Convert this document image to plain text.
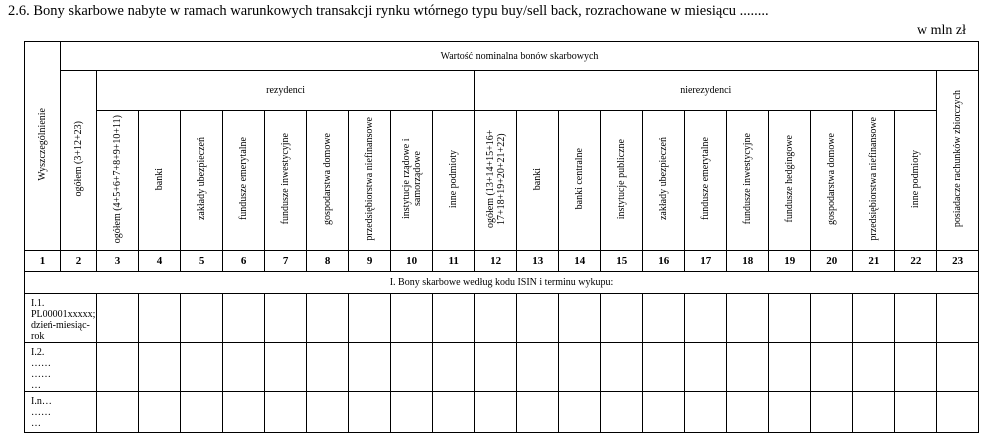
2.6. Bony skarbowe nabyte w ramach warunkowych transakcji rynku wtórnego typu buy/sell back, rozrachowane w miesiącu ........
w mln zł
Wyszczególnienie	Wartość nominalna bonów skarbowych																					
	ogółem (3+12+23)	rezydenci									nierezydenci											posiadacze rachunków zbiorczych
		ogółem (4+5+6+7+8+9+10+11)	banki	zakłady ubezpieczeń	fundusze emerytalne	fundusze inwestycyjne	gospodarstwa domowe	przedsiębiorstwa niefinansowe	instytucje rządowe i samorządowe	inne podmioty	ogółem (13+14+15+16+ 17+18+19+20+21+22)	banki	banki centralne	instytucje publiczne	zakłady ubezpieczeń	fundusze emerytalne	fundusze inwestycyjne	fundusze hedgingowe	gospodarstwa domowe	przedsiębiorstwa niefinansowe	inne podmioty	
1	2	3	4	5	6	7	8	9	10	11	12	13	14	15	16	17	18	19	20	21	22	23
I. Bony skarbowe według kodu ISIN i terminu wykupu:																						

I.1. PL00001xxxxx;
dzień-miesiąc-rok																						

I.2.
……
……
…																						

I.n…
……
…																						
